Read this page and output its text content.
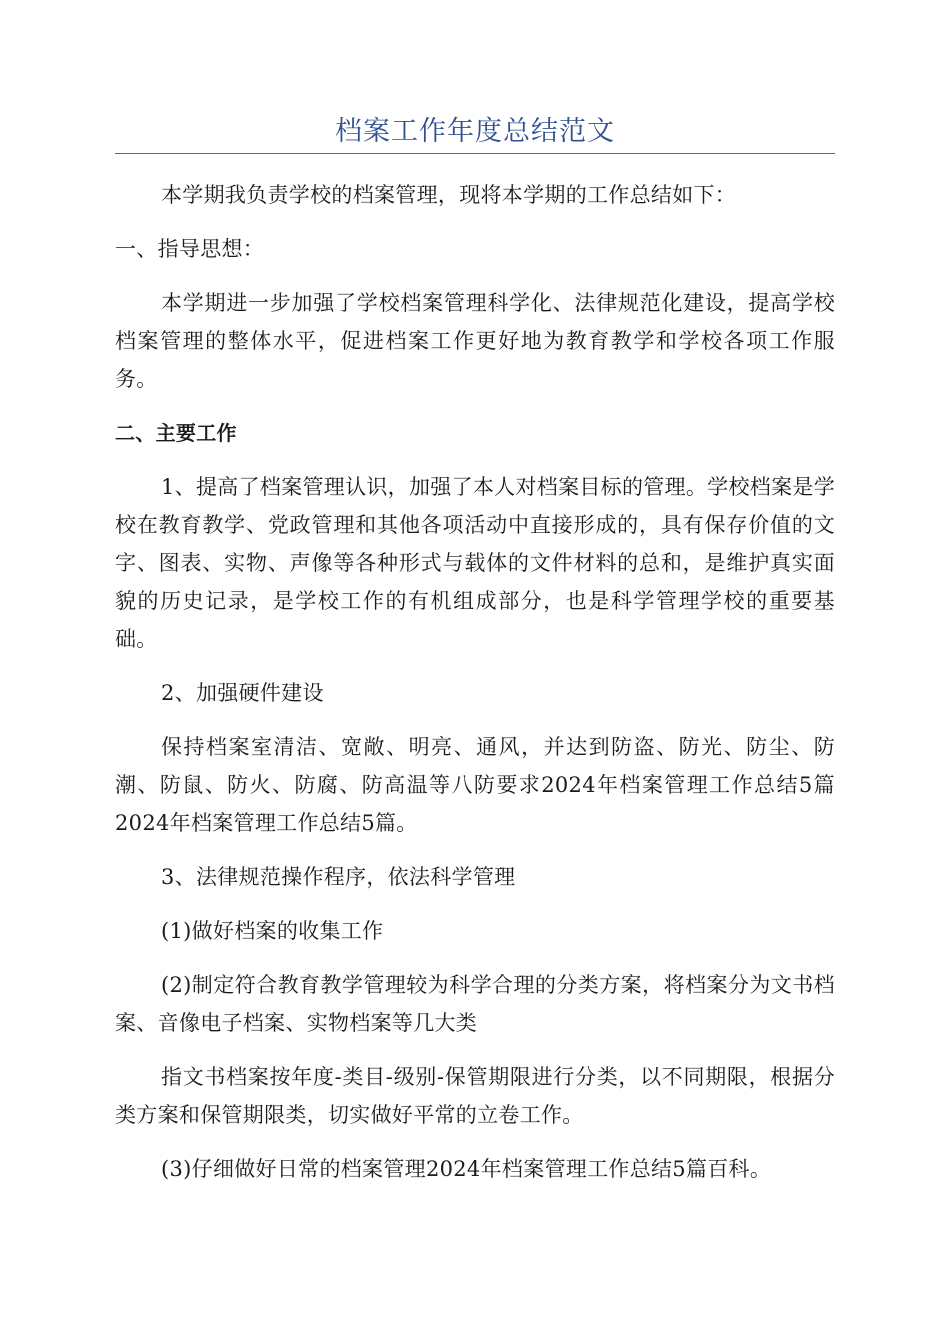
档案工作年度总结范文

本学期我负责学校的档案管理，现将本学期的工作总结如下：

一、指导思想：

本学期进一步加强了学校档案管理科学化、法律规范化建设，提高学校档案管理的整体水平，促进档案工作更好地为教育教学和学校各项工作服务。

二、主要工作

1、提高了档案管理认识，加强了本人对档案目标的管理。学校档案是学校在教育教学、党政管理和其他各项活动中直接形成的，具有保存价值的文字、图表、实物、声像等各种形式与载体的文件材料的总和，是维护真实面貌的历史记录，是学校工作的有机组成部分，也是科学管理学校的重要基础。

2、加强硬件建设

保持档案室清洁、宽敞、明亮、通风，并达到防盗、防光、防尘、防潮、防鼠、防火、防腐、防高温等八防要求2024年档案管理工作总结5篇2024年档案管理工作总结5篇。

3、法律规范操作程序，依法科学管理

(1)做好档案的收集工作

(2)制定符合教育教学管理较为科学合理的分类方案，将档案分为文书档案、音像电子档案、实物档案等几大类

指文书档案按年度-类目-级别-保管期限进行分类，以不同期限，根据分类方案和保管期限类，切实做好平常的立卷工作。

(3)仔细做好日常的档案管理2024年档案管理工作总结5篇百科。
